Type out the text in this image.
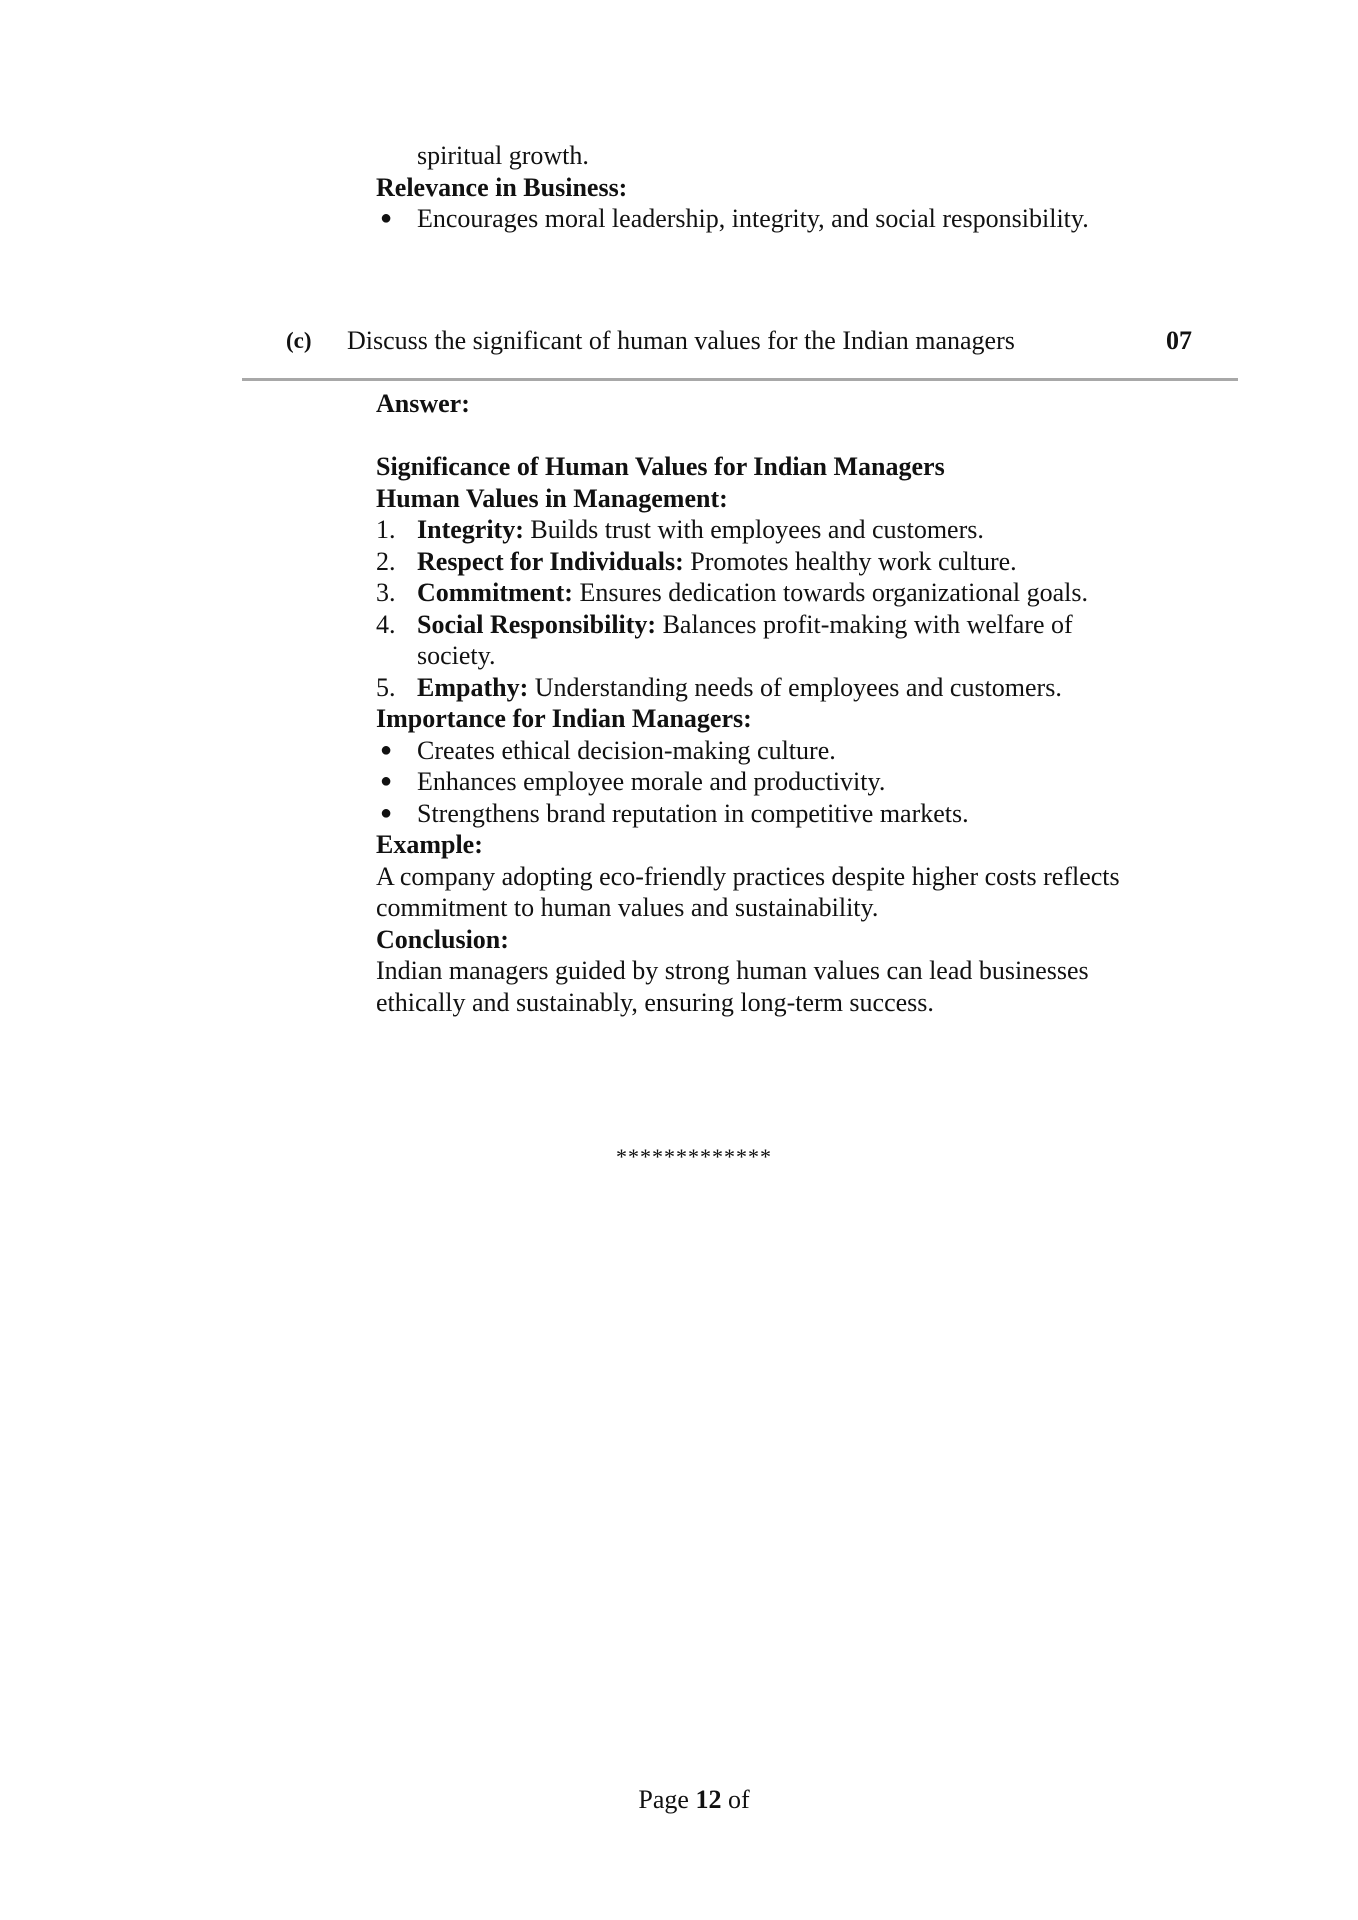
spiritual growth.
Relevance in Business:
● Encourages moral leadership, integrity, and social responsibility.
(c) Discuss the significant of human values for the Indian managers	07
Answer:
Significance of Human Values for Indian Managers
Human Values in Management:
1. Integrity: Builds trust with employees and customers.
2. Respect for Individuals: Promotes healthy work culture.
3. Commitment: Ensures dedication towards organizational goals.
4. Social Responsibility: Balances profit-making with welfare of society.
5. Empathy: Understanding needs of employees and customers.
Importance for Indian Managers:
● Creates ethical decision-making culture.
● Enhances employee morale and productivity.
● Strengthens brand reputation in competitive markets.
Example:
A company adopting eco-friendly practices despite higher costs reflects commitment to human values and sustainability.
Conclusion:
Indian managers guided by strong human values can lead businesses ethically and sustainably, ensuring long-term success.
*************
Page 12 of
